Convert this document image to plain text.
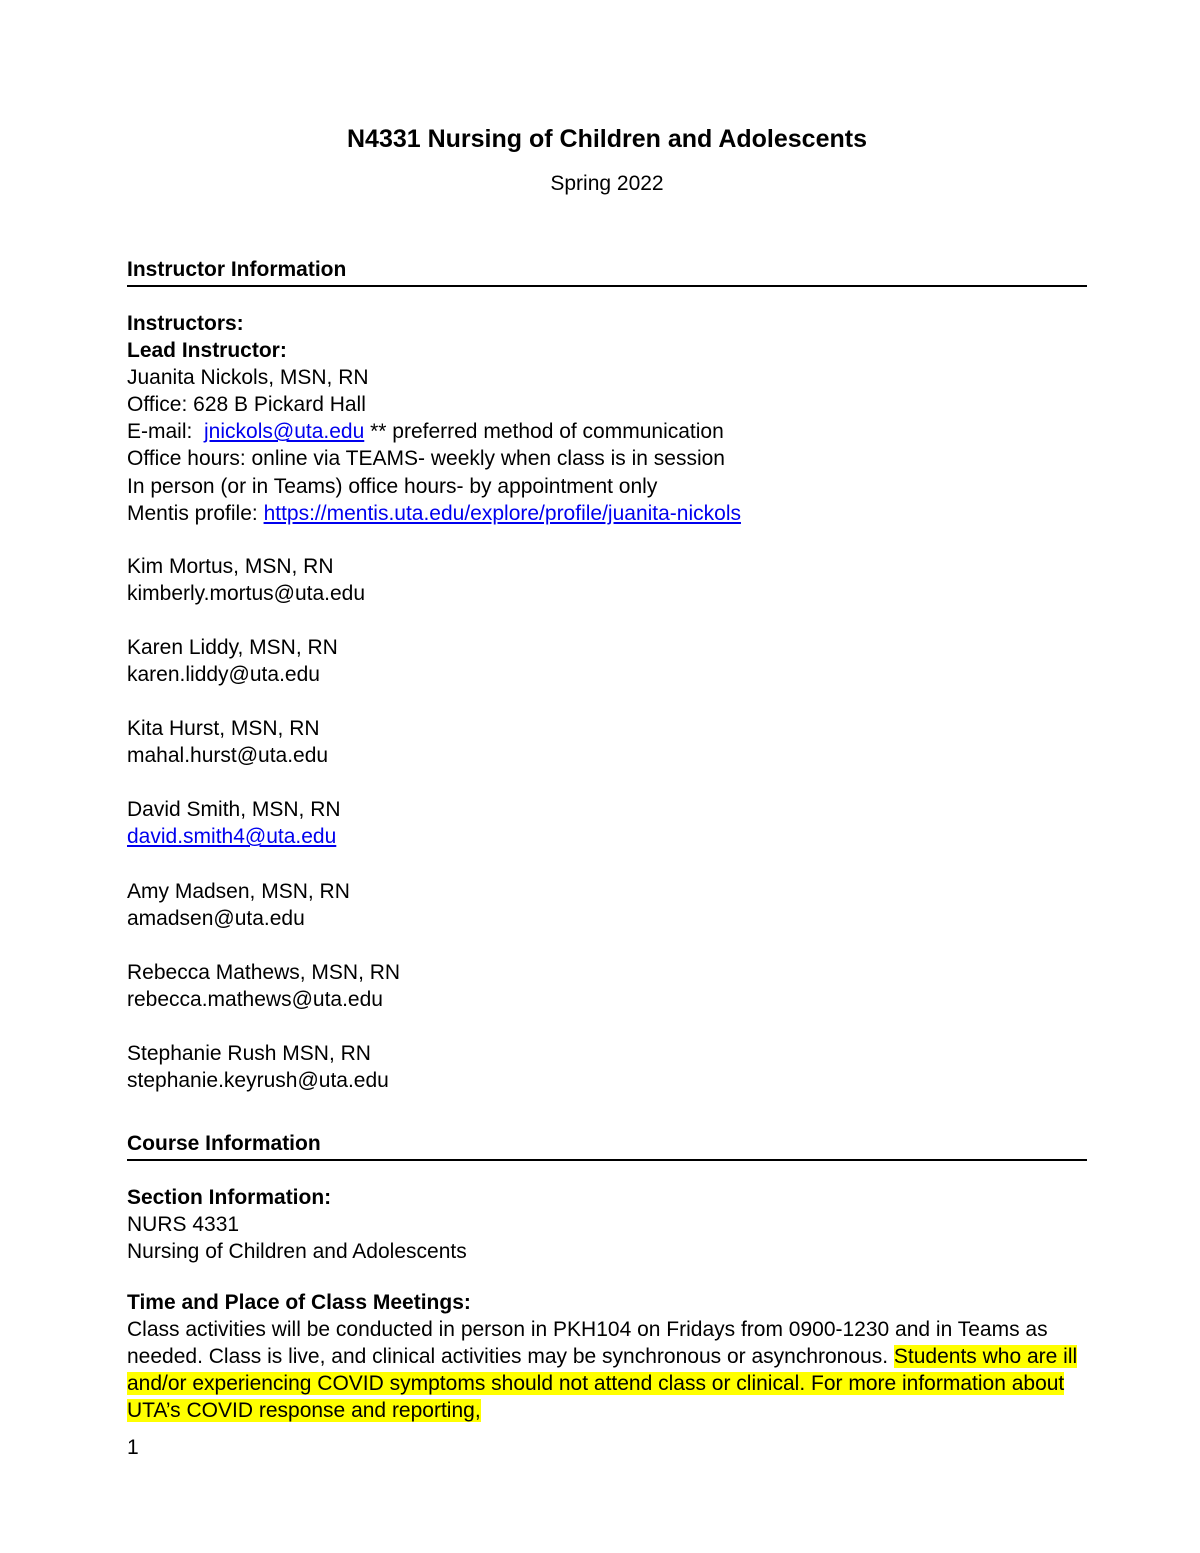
N4331 Nursing of Children and Adolescents
Spring 2022
Instructor Information
Instructors:
Lead Instructor:
Juanita Nickols, MSN, RN
Office: 628 B Pickard Hall
E-mail:  jnickols@uta.edu ** preferred method of communication
Office hours: online via TEAMS- weekly when class is in session
In person (or in Teams) office hours- by appointment only
Mentis profile: https://mentis.uta.edu/explore/profile/juanita-nickols
Kim Mortus, MSN, RN
kimberly.mortus@uta.edu
Karen Liddy, MSN, RN
karen.liddy@uta.edu
Kita Hurst, MSN, RN
mahal.hurst@uta.edu
David Smith, MSN, RN
david.smith4@uta.edu
Amy Madsen, MSN, RN
amadsen@uta.edu
Rebecca Mathews, MSN, RN
rebecca.mathews@uta.edu
Stephanie Rush MSN, RN
stephanie.keyrush@uta.edu
Course Information
Section Information:
NURS 4331
Nursing of Children and Adolescents
Time and Place of Class Meetings:
Class activities will be conducted in person in PKH104 on Fridays from 0900-1230 and in Teams as needed. Class is live, and clinical activities may be synchronous or asynchronous. Students who are ill and/or experiencing COVID symptoms should not attend class or clinical. For more information about UTA’s COVID response and reporting,
1
